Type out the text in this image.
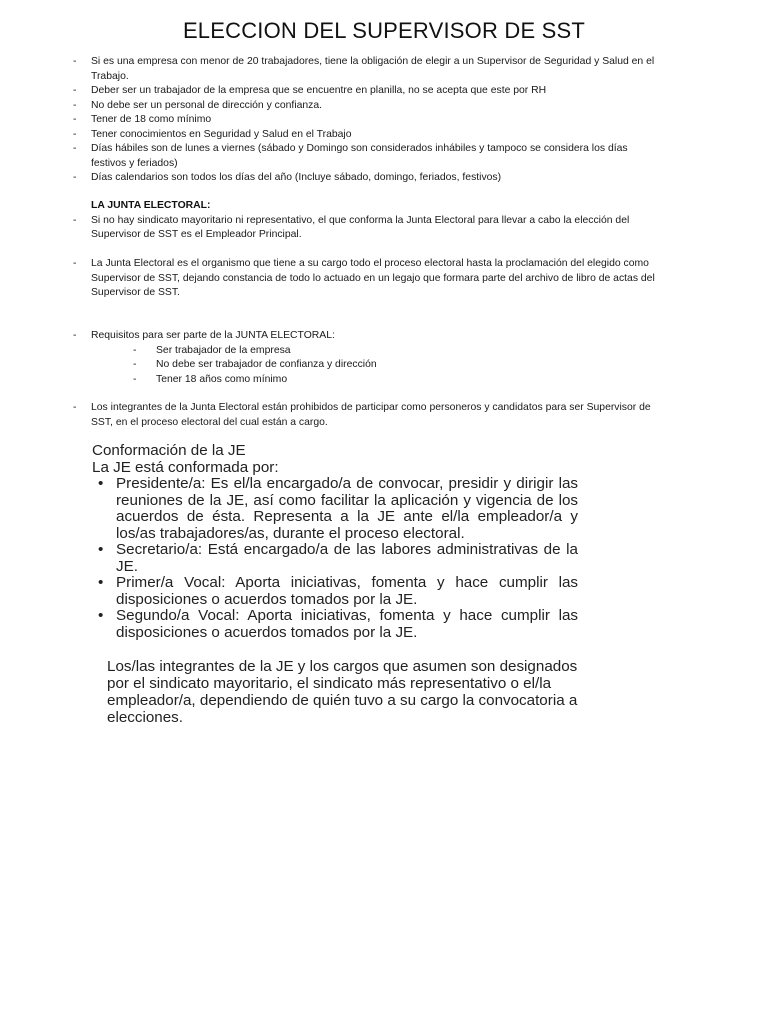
ELECCION DEL SUPERVISOR DE SST
- Si es una empresa con menor de 20 trabajadores, tiene la obligación de elegir a un Supervisor de Seguridad y Salud en el Trabajo.
- Deber ser un trabajador de la empresa que se encuentre en planilla, no se acepta que este por RH
- No debe ser un personal de dirección y confianza.
- Tener de 18 como mínimo
- Tener conocimientos en Seguridad y Salud en el Trabajo
- Días hábiles son de lunes a viernes (sábado y Domingo son considerados inhábiles y tampoco se considera los días festivos y feriados)
- Días calendarios son todos los días del año (Incluye sábado, domingo, feriados, festivos)
LA JUNTA ELECTORAL:
- Si no hay sindicato mayoritario ni representativo, el que conforma la Junta Electoral para llevar a cabo la elección del Supervisor de SST es el Empleador Principal.
- La Junta Electoral es el organismo que tiene a su cargo todo el proceso electoral hasta la proclamación del elegido como Supervisor de SST, dejando constancia de todo lo actuado en un legajo que formara parte del archivo de libro de actas del Supervisor de SST.
- Requisitos para ser parte de la JUNTA ELECTORAL:
- Ser trabajador de la empresa
- No debe ser trabajador de confianza y dirección
- Tener 18 años como mínimo
- Los integrantes de la Junta Electoral están prohibidos de participar como personeros y candidatos para ser Supervisor de SST, en el proceso electoral del cual están a cargo.
Conformación de la JE
La JE está conformada por:
• Presidente/a: Es el/la encargado/a de convocar, presidir y dirigir las reuniones de la JE, así como facilitar la aplicación y vigencia de los acuerdos de ésta. Representa a la JE ante el/la empleador/a y los/as trabajadores/as, durante el proceso electoral.
• Secretario/a: Está encargado/a de las labores administrativas de la JE.
• Primer/a Vocal: Aporta iniciativas, fomenta y hace cumplir las disposiciones o acuerdos tomados por la JE.
• Segundo/a Vocal: Aporta iniciativas, fomenta y hace cumplir las disposiciones o acuerdos tomados por la JE.
Los/las integrantes de la JE y los cargos que asumen son designados por el sindicato mayoritario, el sindicato más representativo o el/la empleador/a, dependiendo de quién tuvo a su cargo la convocatoria a elecciones.
